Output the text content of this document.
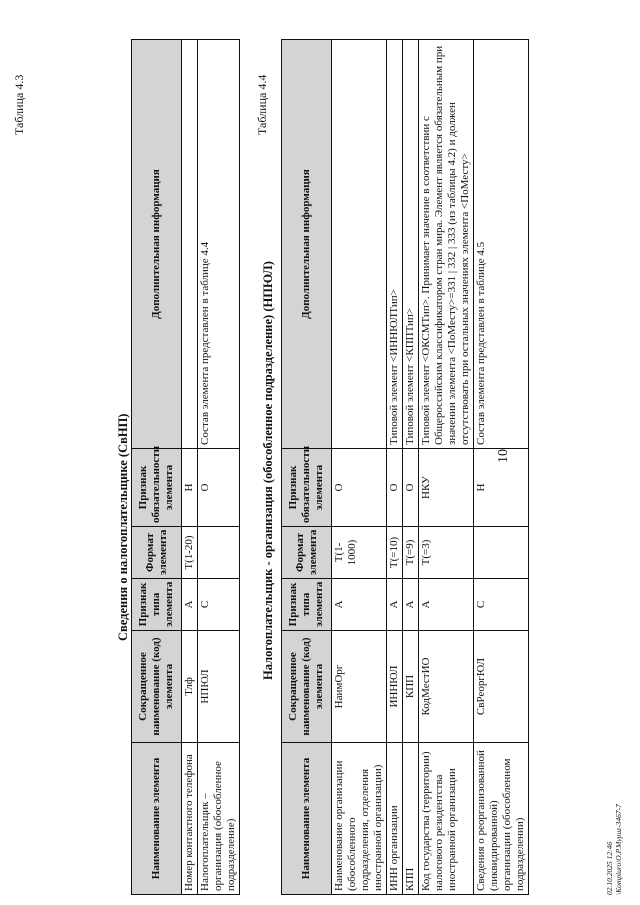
10
Таблица 4.3
Сведения о налогоплательщике (СвНП)
Наименование элемента	Сокращенное наименование (код) элемента	Признак типа элемента	Формат элемента	Признак обязательности элемента	Дополнительная информация
Номер контактного телефона	Тлф	А	Т(1-20)	Н	
Налогоплательщик – организация (обособленное подразделение)	НПЮЛ	С		О	Состав элемента представлен в таблице 4.4
Таблица 4.4
Налогоплательщик - организация (обособленное подразделение) (НПЮЛ)
Наименование элемента	Сокращенное наименование (код) элемента	Признак типа элемента	Формат элемента	Признак обязательности элемента	Дополнительная информация
Наименование организации (обособленного подразделения, отделения иностранной организации)	НаимОрг	А	Т(1-1000)	О	
ИНН организации	ИННЮЛ	А	Т(=10)	О	Типовой элемент <ИННЮЛТип>
КПП	КПП	А	Т(=9)	О	Типовой элемент <КППТип>
Код государства (территории) налогового резидентства иностранной организации	КодМестИО	А	Т(=3)	НКУ	Типовой элемент <ОКСМТип>. Принимает значение в соответствии с Общероссийским классификатором стран мира. Элемент является обязательным при значении элемента <ПоМесту>=331 | 332 | 333 (из таблицы 4.2) и должен отсутствовать при остальных значениях элемента <ПоМесту>
Сведения о реорганизованной (ликвидированной) организации (обособленном подразделении)	СвРеоргЮЛ	С		Н	Состав элемента представлен в таблице 4.5
02.10.2025 12:46 \Kompiuro\O.P.Mypuz-3467-7
